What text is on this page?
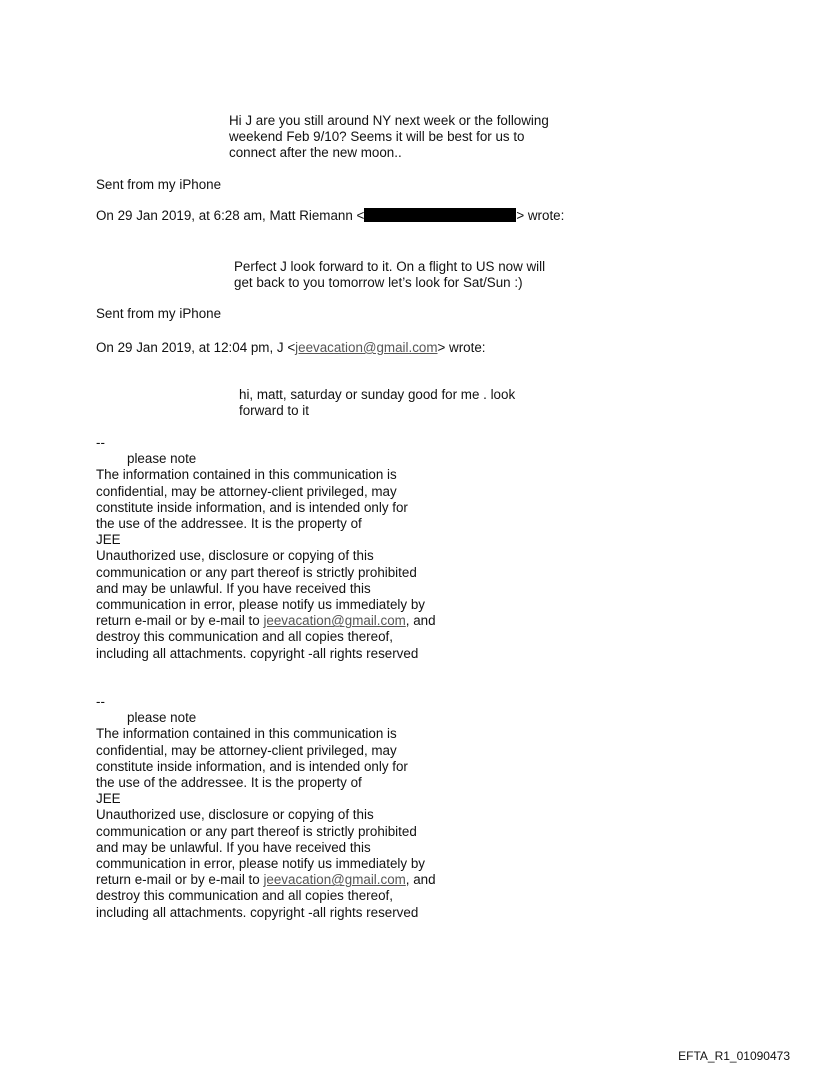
Hi J are you still around NY next week or the following
weekend Feb 9/10? Seems it will be best for us to
connect after the new moon..

Sent from my iPhone

On 29 Jan 2019, at 6:28 am, Matt Riemann <	> wrote:

Perfect J look forward to it. On a flight to US now will
get back to you tomorrow let’s look for Sat/Sun :)

Sent from my iPhone

On 29 Jan 2019, at 12:04 pm, J <jeevacation@gmail.com> wrote:

hi, matt, saturday or sunday good for me . look
forward to it
--
please note
The information contained in this communication is
confidential, may be attorney-client privileged, may
constitute inside information, and is intended only for
the use of the addressee. It is the property of
JEE
Unauthorized use, disclosure or copying of this
communication or any part thereof is strictly prohibited
and may be unlawful. If you have received this
communication in error, please notify us immediately by
return e-mail or by e-mail to jeevacation@gmail.com, and
destroy this communication and all copies thereof,
including all attachments. copyright -all rights reserved
--
please note
The information contained in this communication is
confidential, may be attorney-client privileged, may
constitute inside information, and is intended only for
the use of the addressee. It is the property of
JEE
Unauthorized use, disclosure or copying of this
communication or any part thereof is strictly prohibited
and may be unlawful. If you have received this
communication in error, please notify us immediately by
return e-mail or by e-mail to jeevacation@gmail.com, and
destroy this communication and all copies thereof,
including all attachments. copyright -all rights reserved
EFTA_R1_01090473
